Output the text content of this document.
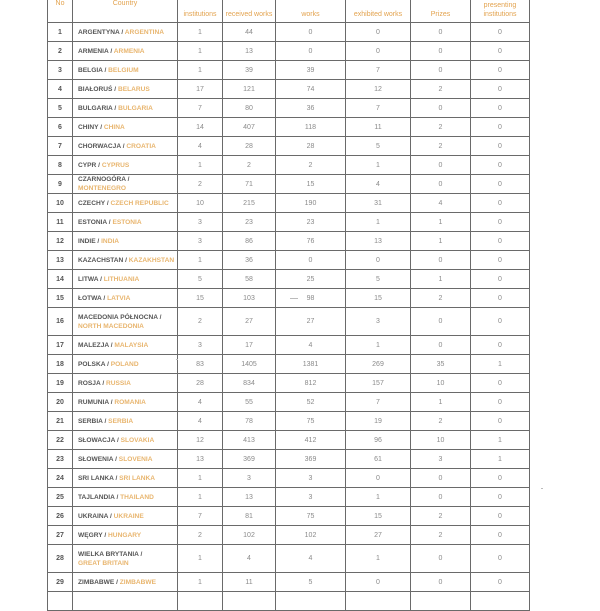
No	Country	institutions	received works	works	exhibited works	Prizes	presenting institutions
1	ARGENTYNA / ARGENTINA	1	44	0	0	0	0
2	ARMENIA / ARMENIA	1	13	0	0	0	0
3	BELGIA / BELGIUM	1	39	39	7	0	0
4	BIAŁORUŚ / BELARUS	17	121	74	12	2	0
5	BULGARIA / BULGARIA	7	80	36	7	0	0
6	CHINY / CHINA	14	407	118	11	2	0
7	CHORWACJA / CROATIA	4	28	28	5	2	0
8	CYPR / CYPRUS	1	2	2	1	0	0
9	CZARNOGÓRA / MONTENEGRO	2	71	15	4	0	0
10	CZECHY / CZECH REPUBLIC	10	215	190	31	4	0
11	ESTONIA / ESTONIA	3	23	23	1	1	0
12	INDIE / INDIA	3	86	76	13	1	0
13	KAZACHSTAN / KAZAKHSTAN	1	36	0	0	0	0
14	LITWA / LITHUANIA	5	58	25	5	1	0
15	ŁOTWA / LATVIA	15	103	98	15	2	0
16	MACEDONIA PÓŁNOCNA /
NORTH MACEDONIA	2	27	27	3	0	0
17	MALEZJA / MALAYSIA	3	17	4	1	0	0
18	POLSKA / POLAND	83	1405	1381	269	35	1
19	ROSJA / RUSSIA	28	834	812	157	10	0
20	RUMUNIA / ROMANIA	4	55	52	7	1	0
21	SERBIA / SERBIA	4	78	75	19	2	0
22	SŁOWACJA / SLOVAKIA	12	413	412	96	10	1
23	SŁOWENIA / SLOVENIA	13	369	369	61	3	1
24	SRI LANKA / SRI LANKA	1	3	3	0	0	0
25	TAJLANDIA / THAILAND	1	13	3	1	0	0
26	UKRAINA / UKRAINE	7	81	75	15	2	0
27	WĘGRY / HUNGARY	2	102	102	27	2	0
28	WIELKA BRYTANIA /
GREAT BRITAIN	1	4	4	1	0	0
29	ZIMBABWE / ZIMBABWE	1	11	5	0	0	0
